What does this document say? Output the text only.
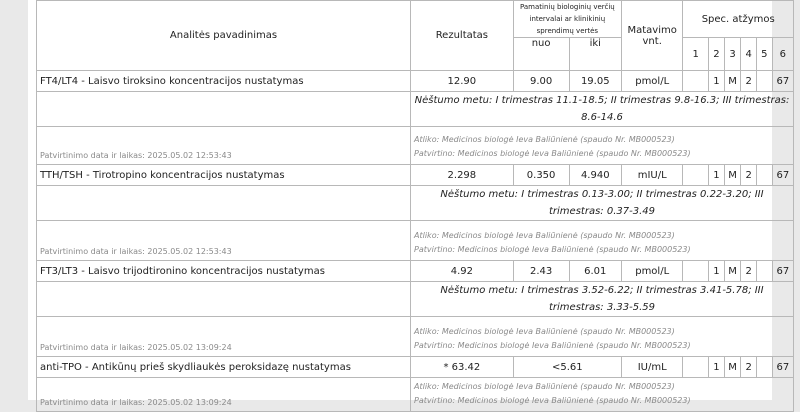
Analitės pavadinimas	Rezultatas	Pamatinių biologinių verčių intervalai ar klinikinių sprendimų vertės		Matavimo vnt.	Spec. atžymos					
		nuo	iki		1	2	3	4	5	6
FT4/LT4 - Laisvo tiroksino koncentracijos nustatymas	12.90	9.00	19.05	pmol/L		1	M	2		67
	Nėštumo metu: I trimestras 11.1-18.5; II trimestras 9.8-16.3; III trimestras: 8.6-14.6									
Patvirtinimo data ir laikas: 2025.05.02 12:53:43	Atliko: Medicinos biologė Ieva Baliūnienė (spaudo Nr. MB000523)
Patvirtino: Medicinos biologė Ieva Baliūnienė (spaudo Nr. MB000523)									

TTH/TSH - Tirotropino koncentracijos nustatymas	2.298	0.350	4.940	mIU/L		1	M	2		67
	Nėštumo metu: I trimestras 0.13-3.00; II trimestras 0.22-3.20; III trimestras: 0.37-3.49									
Patvirtinimo data ir laikas: 2025.05.02 12:53:43	Atliko: Medicinos biologė Ieva Baliūnienė (spaudo Nr. MB000523)
Patvirtino: Medicinos biologė Ieva Baliūnienė (spaudo Nr. MB000523)									

FT3/LT3 - Laisvo trijodtironino koncentracijos nustatymas	4.92	2.43	6.01	pmol/L		1	M	2		67
	Nėštumo metu: I trimestras 3.52-6.22; II trimestras 3.41-5.78; III trimestras: 3.33-5.59									
Patvirtinimo data ir laikas: 2025.05.02 13:09:24	Atliko: Medicinos biologė Ieva Baliūnienė (spaudo Nr. MB000523)
Patvirtino: Medicinos biologė Ieva Baliūnienė (spaudo Nr. MB000523)									

anti-TPO - Antikūnų prieš skydliaukės peroksidazę nustatymas	* 63.42	<5.61		IU/mL		1	M	2		67
Patvirtinimo data ir laikas: 2025.05.02 13:09:24	Atliko: Medicinos biologė Ieva Baliūnienė (spaudo Nr. MB000523)
Patvirtino: Medicinos biologė Ieva Baliūnienė (spaudo Nr. MB000523)									
